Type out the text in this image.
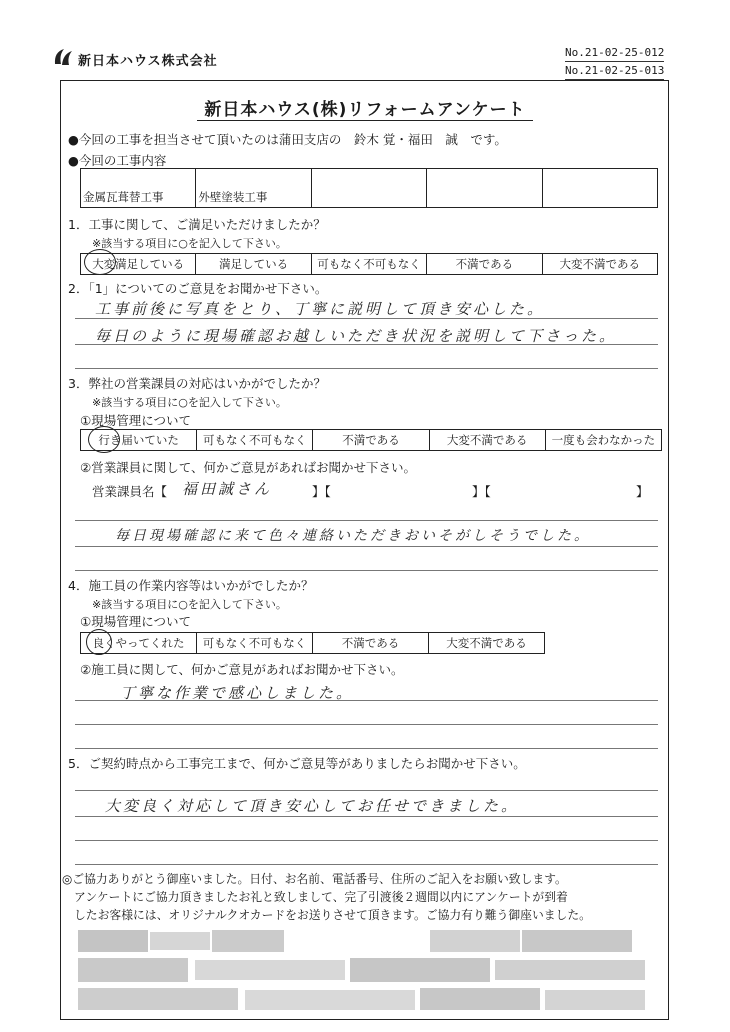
新日本ハウス株式会社
No.21-02-25-012
No.21-02-25-013
新日本ハウス(株)リフォームアンケート
●今回の工事を担当させて頂いたのは蒲田支店の　鈴木 覚・福田　誠　です。
●今回の工事内容
金属瓦葺替工事	外壁塗装工事			
1．工事に関して、ご満足いただけましたか？
※該当する項目に○を記入して下さい。
大変満足している	満足している	可もなく不可もなく	不満である	大変不満である
2．「1」についてのご意見をお聞かせ下さい。
工事前後に写真をとり、丁寧に説明して頂き安心した。
毎日のように現場確認お越しいただき状況を説明して下さった。
3．弊社の営業課員の対応はいかがでしたか？
※該当する項目に○を記入して下さい。
①現場管理について
行き届いていた	可もなく不可もなく	不満である	大変不満である	一度も会わなかった
②営業課員に関して、何かご意見があればお聞かせ下さい。
営業課員名【 福田誠さん	】【	】【	】
毎日現場確認に来て色々連絡いただきおいそがしそうでした。
4．施工員の作業内容等はいかがでしたか？
※該当する項目に○を記入して下さい。
①現場管理について
良くやってくれた	可もなく不可もなく	不満である	大変不満である
②施工員に関して、何かご意見があればお聞かせ下さい。
丁寧な作業で感心しました。
5．ご契約時点から工事完工まで、何かご意見等がありましたらお聞かせ下さい。
大変良く対応して頂き安心してお任せできました。
◎ご協力ありがとう御座いました。日付、お名前、電話番号、住所のご記入をお願い致します。
アンケートにご協力頂きましたお礼と致しまして、完了引渡後２週間以内にアンケートが到着
したお客様には、オリジナルクオカードをお送りさせて頂きます。ご協力有り難う御座いました。
